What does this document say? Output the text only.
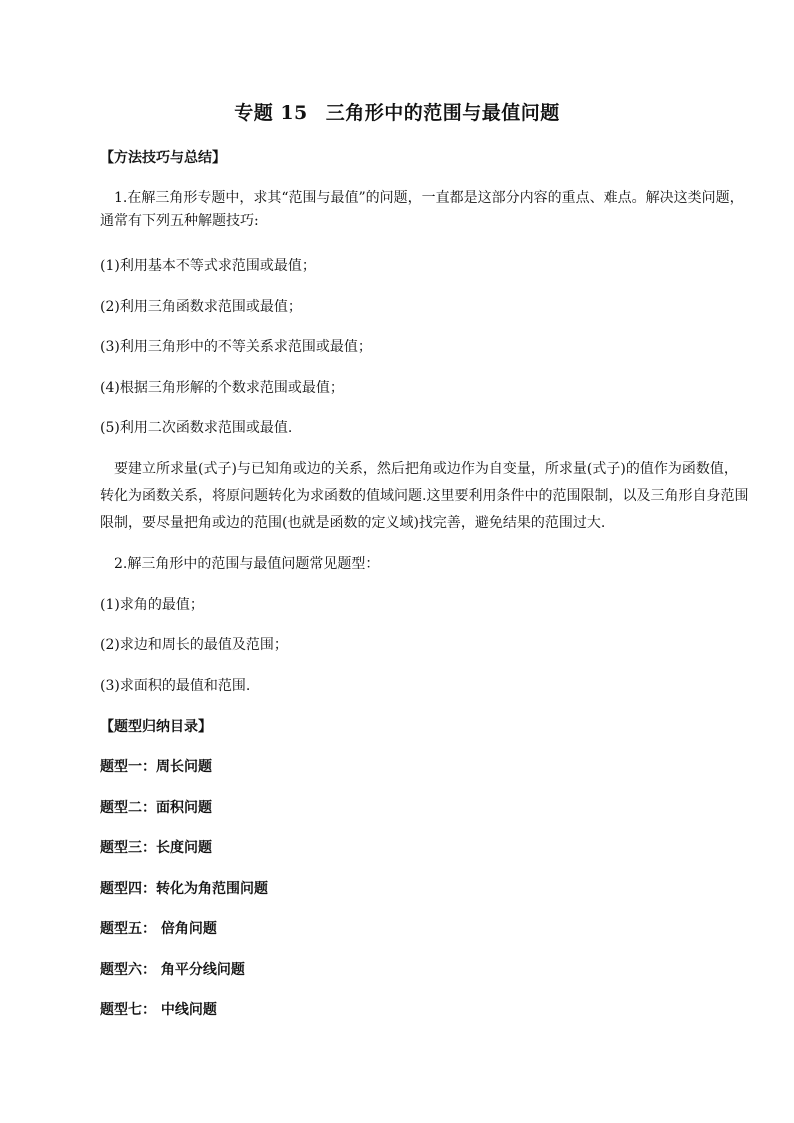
专题 15 三角形中的范围与最值问题
【方法技巧与总结】
1.在解三角形专题中，求其“范围与最值”的问题，一直都是这部分内容的重点、难点。解决这类问题，
通常有下列五种解题技巧:
(1)利用基本不等式求范围或最值；
(2)利用三角函数求范围或最值；
(3)利用三角形中的不等关系求范围或最值；
(4)根据三角形解的个数求范围或最值；
(5)利用二次函数求范围或最值.
要建立所求量(式子)与已知角或边的关系，然后把角或边作为自变量，所求量(式子)的值作为函数值，
转化为函数关系，将原问题转化为求函数的值域问题.这里要利用条件中的范围限制，以及三角形自身范围
限制，要尽量把角或边的范围(也就是函数的定义域)找完善，避免结果的范围过大.
2.解三角形中的范围与最值问题常见题型：
(1)求角的最值；
(2)求边和周长的最值及范围；
(3)求面积的最值和范围.
【题型归纳目录】
题型一：周长问题
题型二：面积问题
题型三：长度问题
题型四：转化为角范围问题
题型五： 倍角问题
题型六： 角平分线问题
题型七： 中线问题
